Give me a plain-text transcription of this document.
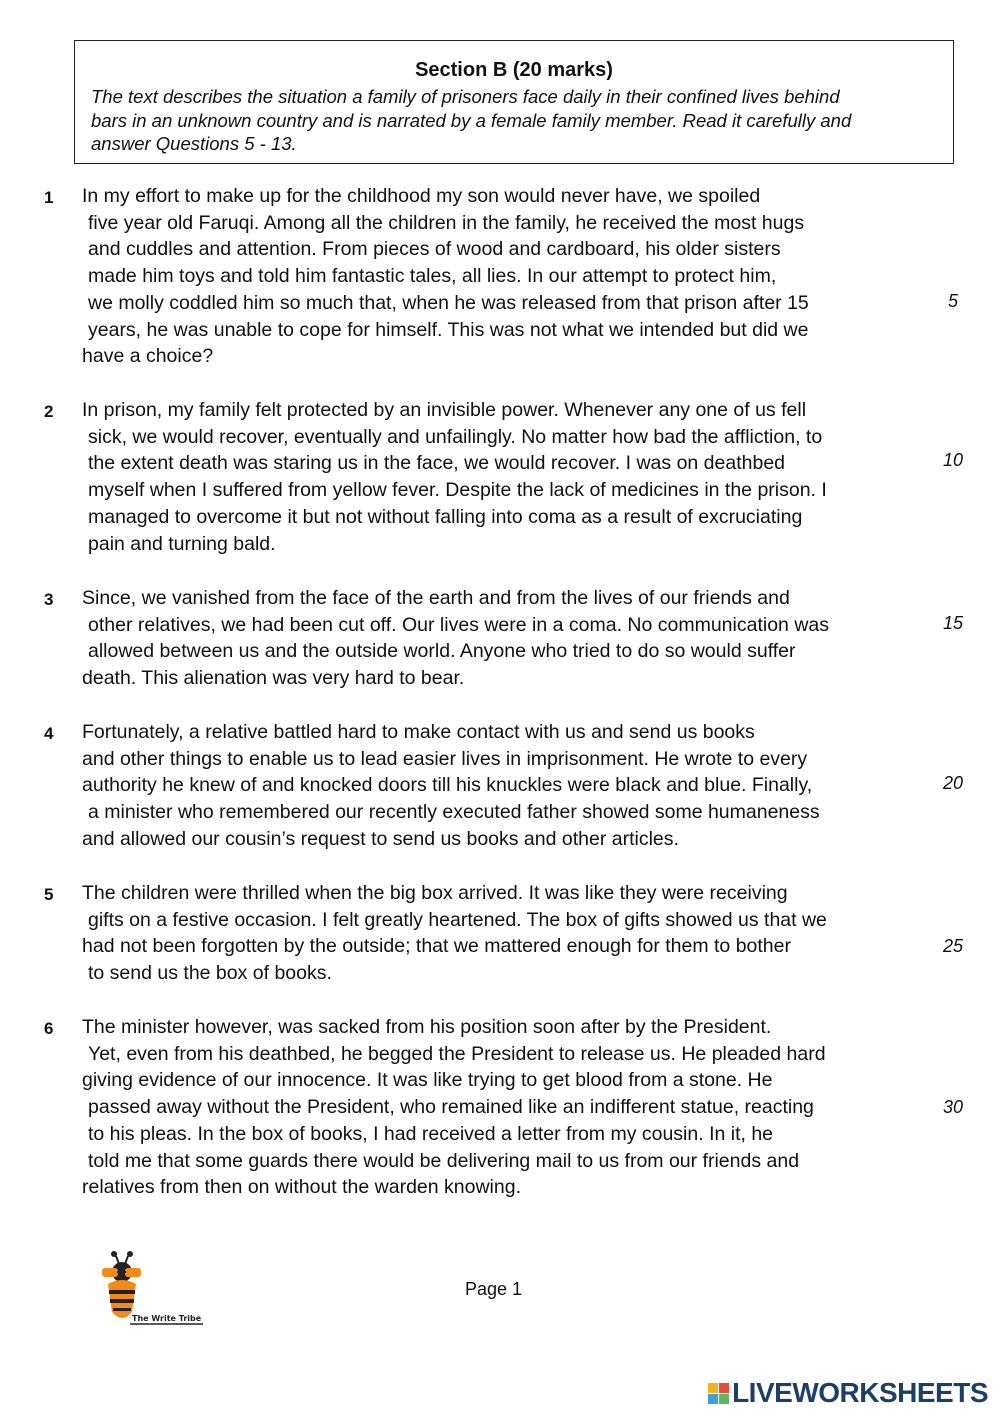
Section B (20 marks)
The text describes the situation a family of prisoners face daily in their confined lives behind
bars in an unknown country and is narrated by a female family member. Read it carefully and
answer Questions 5 - 13.
1 In my effort to make up for the childhood my son would never have, we spoiled
five year old Faruqi. Among all the children in the family, he received the most hugs
and cuddles and attention. From pieces of wood and cardboard, his older sisters
made him toys and told him fantastic tales, all lies. In our attempt to protect him,
we molly coddled him so much that, when he was released from that prison after 15
years, he was unable to cope for himself. This was not what we intended but did we
have a choice?
2 In prison, my family felt protected by an invisible power. Whenever any one of us fell
sick, we would recover, eventually and unfailingly. No matter how bad the affliction, to
the extent death was staring us in the face, we would recover. I was on deathbed
myself when I suffered from yellow fever. Despite the lack of medicines in the prison. I
managed to overcome it but not without falling into coma as a result of excruciating
pain and turning bald.
3 Since, we vanished from the face of the earth and from the lives of our friends and
other relatives, we had been cut off. Our lives were in a coma. No communication was
allowed between us and the outside world. Anyone who tried to do so would suffer
death. This alienation was very hard to bear.
4 Fortunately, a relative battled hard to make contact with us and send us books
and other things to enable us to lead easier lives in imprisonment. He wrote to every
authority he knew of and knocked doors till his knuckles were black and blue. Finally,
a minister who remembered our recently executed father showed some humaneness
and allowed our cousin’s request to send us books and other articles.
5 The children were thrilled when the big box arrived. It was like they were receiving
gifts on a festive occasion. I felt greatly heartened. The box of gifts showed us that we
had not been forgotten by the outside; that we mattered enough for them to bother
to send us the box of books.
6 The minister however, was sacked from his position soon after by the President.
Yet, even from his deathbed, he begged the President to release us. He pleaded hard
giving evidence of our innocence. It was like trying to get blood from a stone. He
passed away without the President, who remained like an indifferent statue, reacting
to his pleas. In the box of books, I had received a letter from my cousin. In it, he
told me that some guards there would be delivering mail to us from our friends and
relatives from then on without the warden knowing.
5
10
15
20
25
30
The Write Tribe
Page 1
LIVEWORKSHEETS
